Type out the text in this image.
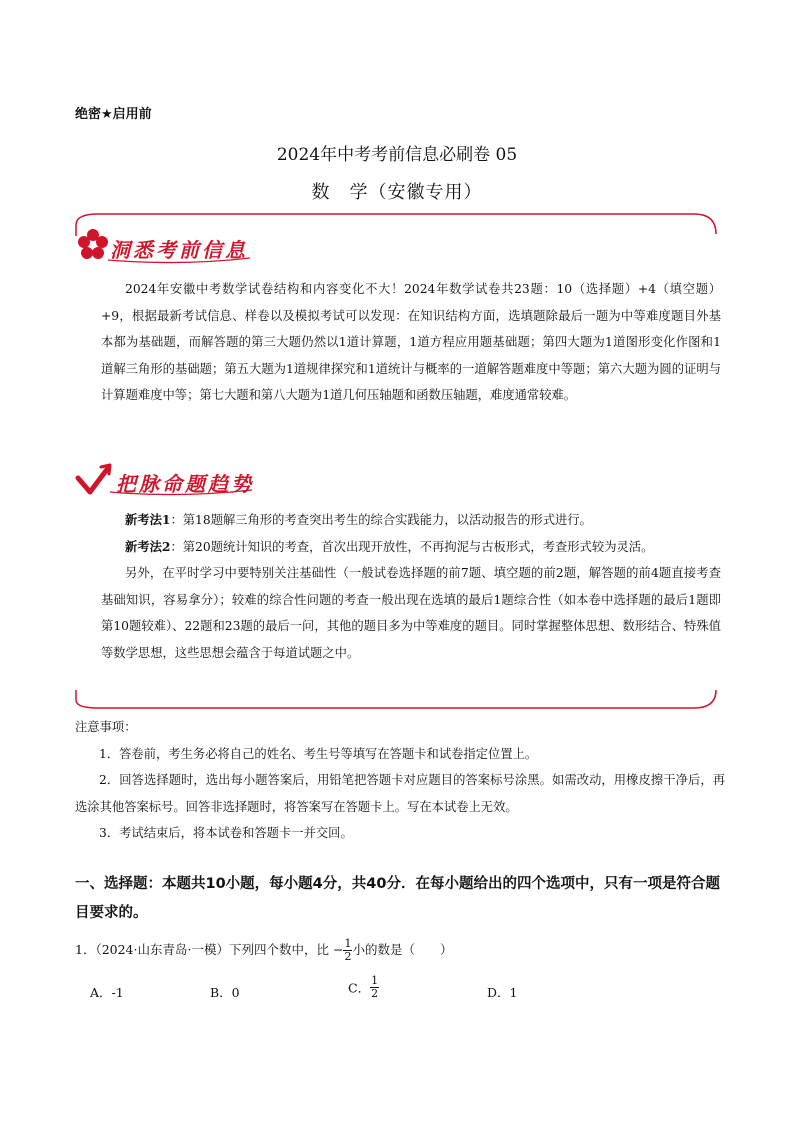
绝密★启用前
2024年中考考前信息必刷卷 05
数　学（安徽专用）
洞悉考前信息
2024年安徽中考数学试卷结构和内容变化不大！2024年数学试卷共23题：10（选择题）+4（填空题）+9，根据最新考试信息、样卷以及模拟考试可以发现：在知识结构方面，选填题除最后一题为中等难度题目外基本都为基础题，而解答题的第三大题仍然以1道计算题，1道方程应用题基础题；第四大题为1道图形变化作图和1道解三角形的基础题；第五大题为1道规律探究和1道统计与概率的一道解答题难度中等题；第六大题为圆的证明与计算题难度中等；第七大题和第八大题为1道几何压轴题和函数压轴题，难度通常较难。
把脉命题趋势

新考法1：第18题解三角形的考查突出考生的综合实践能力，以活动报告的形式进行。

新考法2：第20题统计知识的考查，首次出现开放性，不再拘泥与古板形式，考查形式较为灵活。

另外，在平时学习中要特别关注基础性（一般试卷选择题的前7题、填空题的前2题，解答题的前4题直接考查基础知识，容易拿分）；较难的综合性问题的考查一般出现在选填的最后1题综合性（如本卷中选择题的最后1题即第10题较难）、22题和23题的最后一问，其他的题目多为中等难度的题目。同时掌握整体思想、数形结合、特殊值等数学思想，这些思想会蕴含于每道试题之中。

注意事项：

1．答卷前，考生务必将自己的姓名、考生号等填写在答题卡和试卷指定位置上。

2．回答选择题时，选出每小题答案后，用铅笔把答题卡对应题目的答案标号涂黑。如需改动，用橡皮擦干净后，再选涂其他答案标号。回答非选择题时，将答案写在答题卡上。写在本试卷上无效。

3．考试结束后，将本试卷和答题卡一并交回。

一、选择题：本题共10小题，每小题4分，共40分．在每小题给出的四个选项中，只有一项是符合题目要求的。
1．（2024·山东青岛·一模）下列四个数中，比 − $\frac{1}{2}$ 小的数是（　　）
A．-1	B．0	C． $\frac{1}{2}$	D．1
